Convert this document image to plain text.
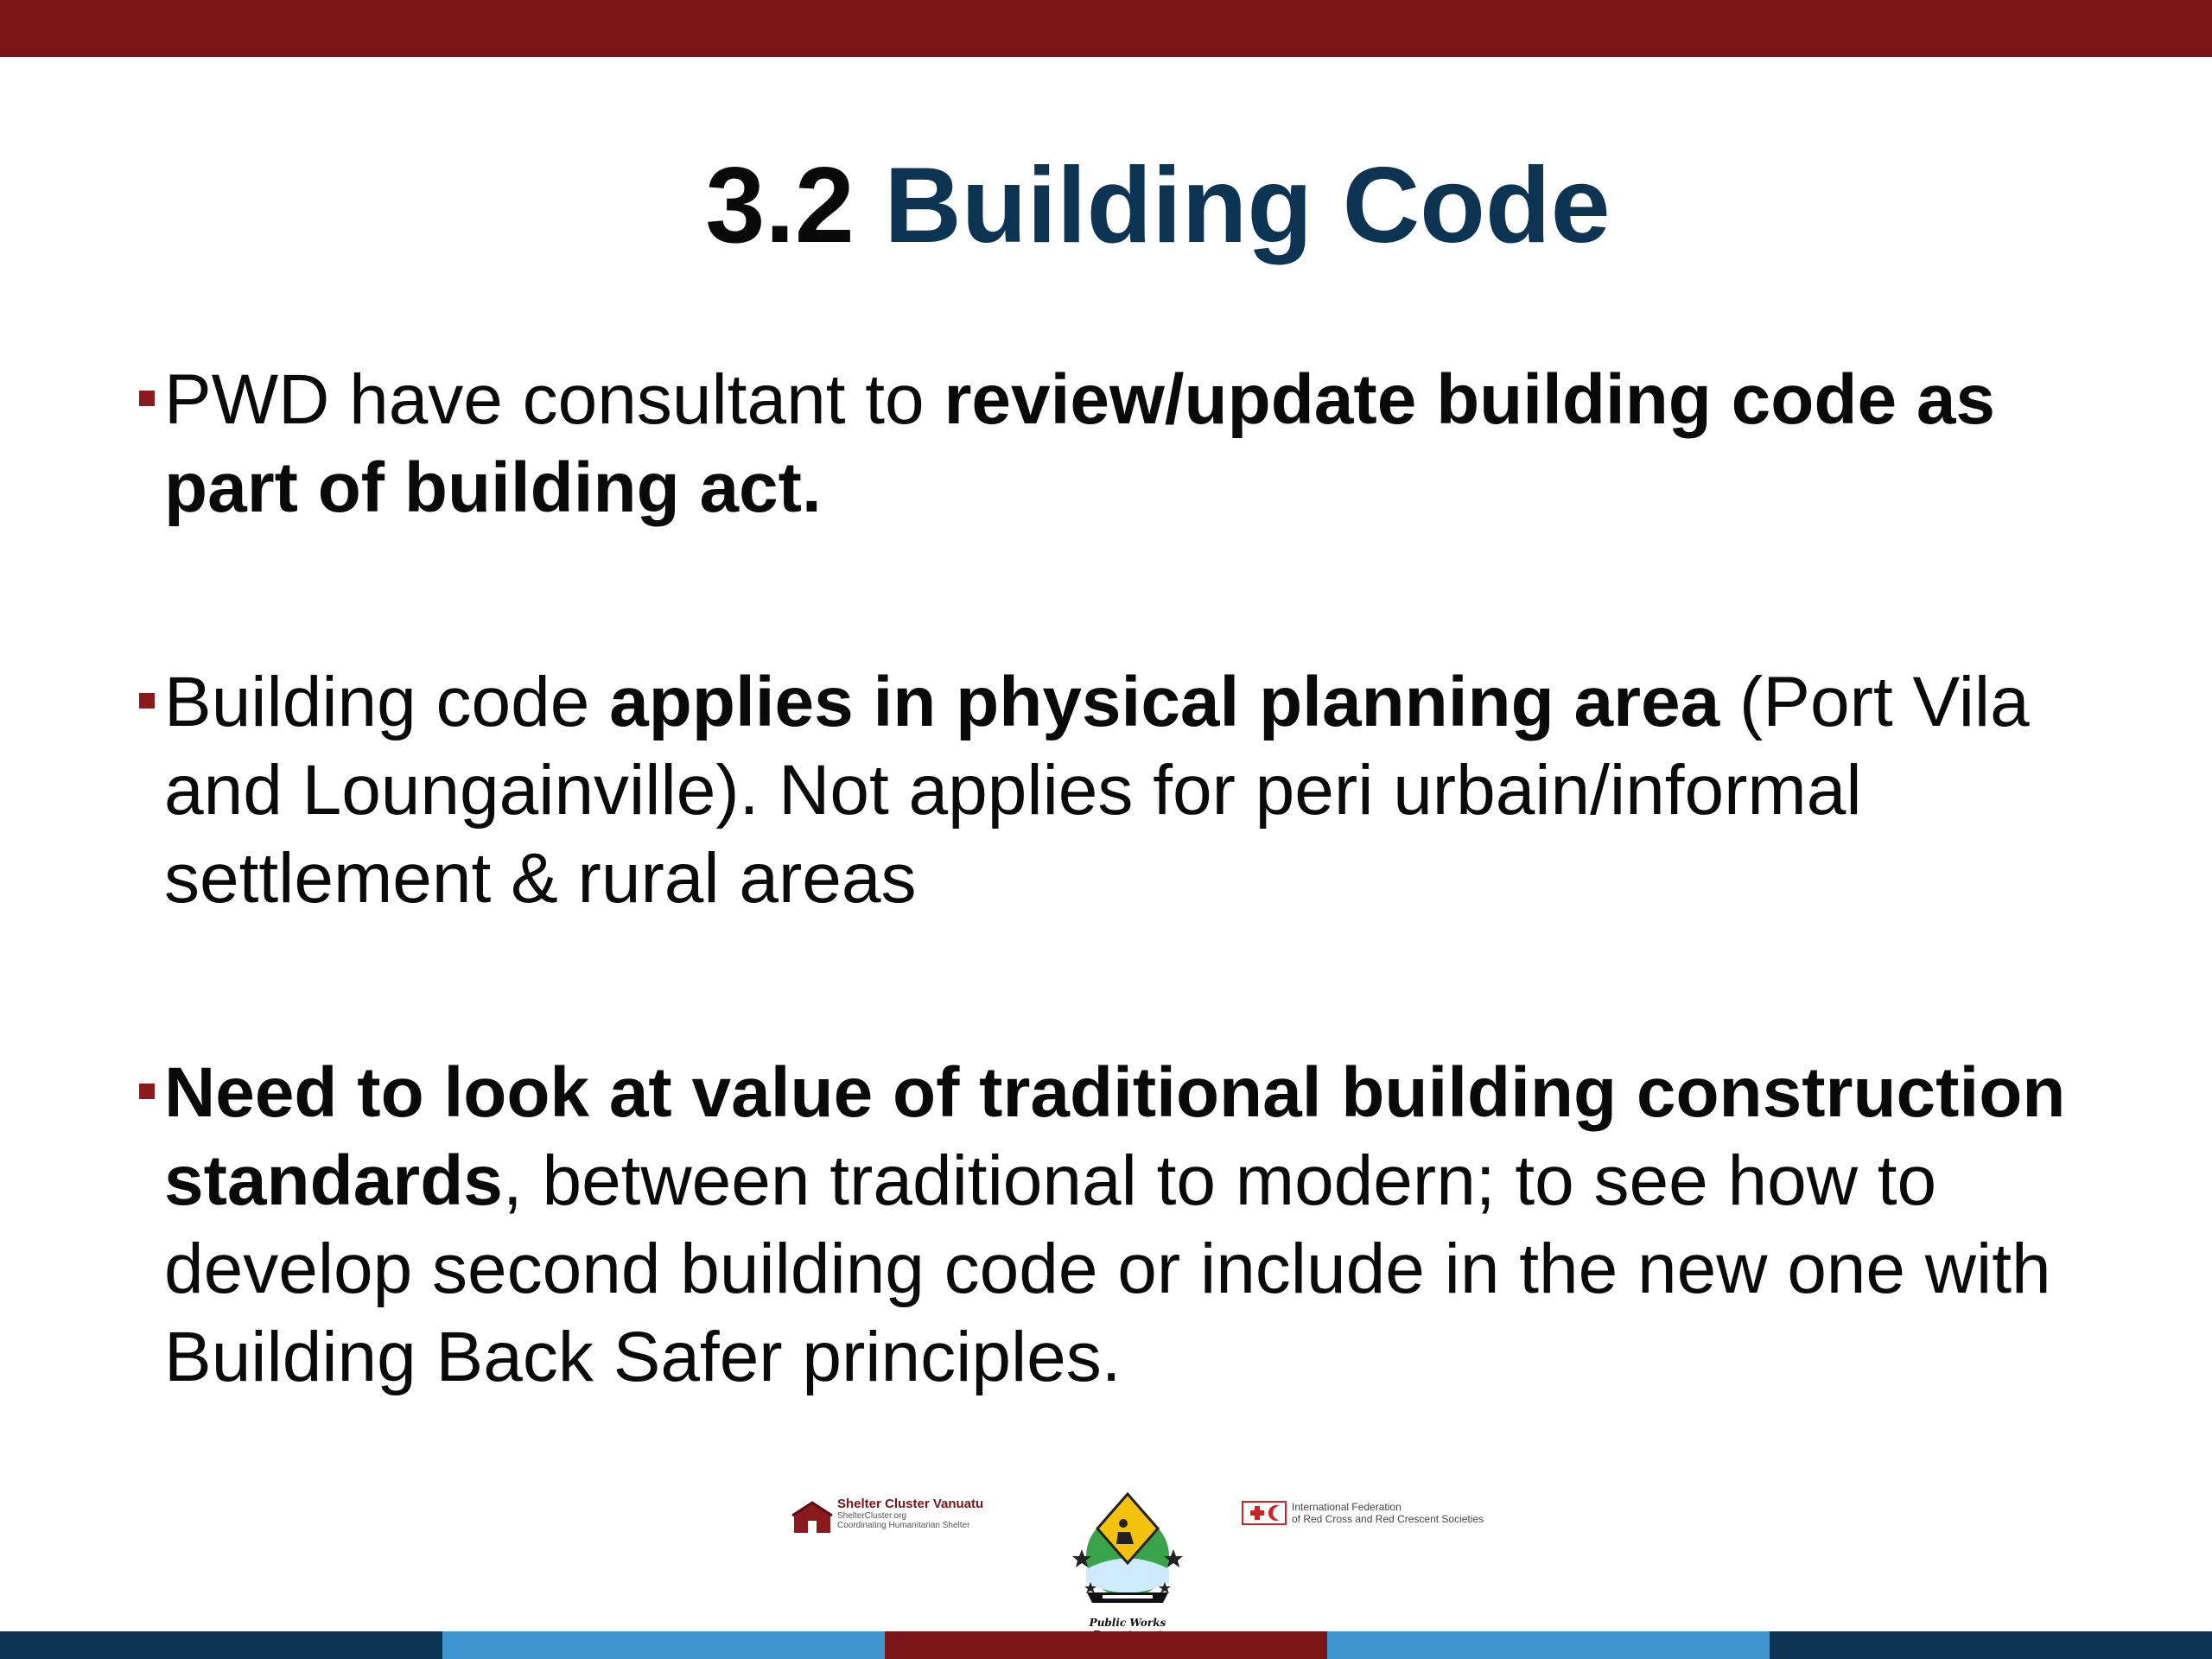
3.2 Building Code
PWD have consultant to review/update building code as part of building act.
Building code applies in physical planning area (Port Vila and Loungainville). Not applies for peri urbain/informal settlement & rural areas
Need to look at value of traditional building construction standards, between traditional to modern; to see how to develop second building code or include in the new one with Building Back Safer principles.
Shelter Cluster Vanuatu
ShelterCluster.org
Coordinating Humanitarian Shelter
Public Works
International Federation
of Red Cross and Red Crescent Societies
